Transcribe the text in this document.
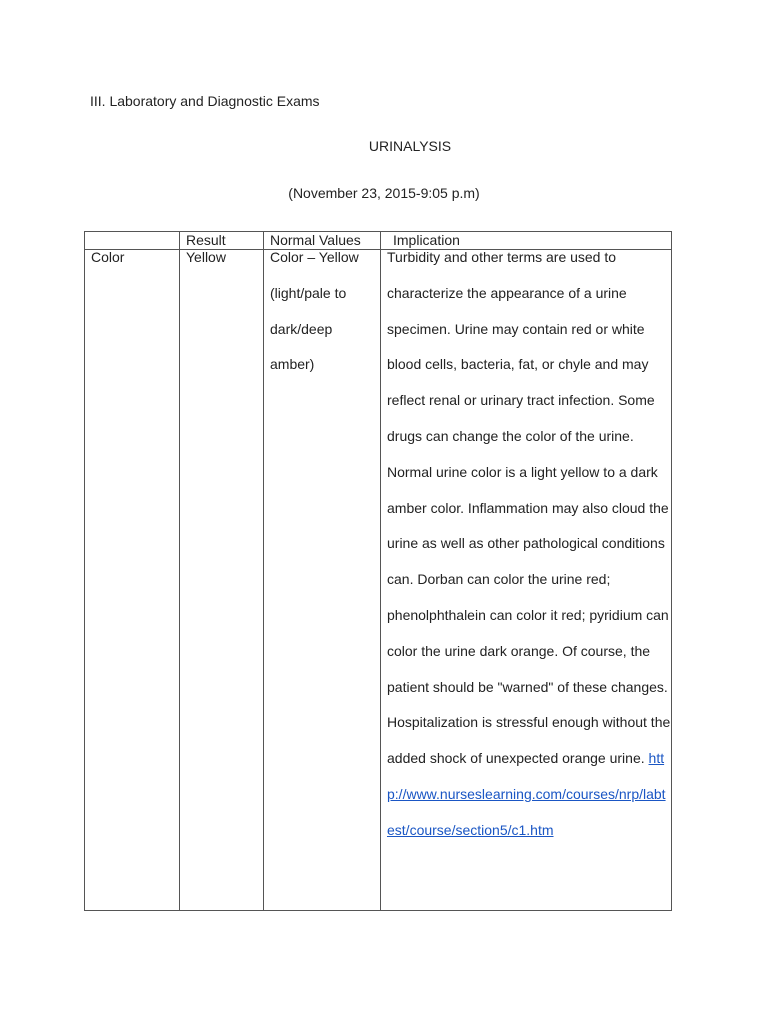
III. Laboratory and Diagnostic Exams
URINALYSIS

(November 23, 2015-9:05 p.m)

	Result	Normal Values	Implication

Color	Yellow	Color – Yellow (light/pale to dark/deep amber)	Turbidity and other terms are used to characterize the appearance of a urine specimen. Urine may contain red or white blood cells, bacteria, fat, or chyle and may reflect renal or urinary tract infection. Some drugs can change the color of the urine. Normal urine color is a light yellow to a dark amber color. Inflammation may also cloud the urine as well as other pathological conditions can. Dorban can color the urine red; phenolphthalein can color it red; pyridium can color the urine dark orange. Of course, the patient should be "warned" of these changes. Hospitalization is stressful enough without the added shock of unexpected orange urine. http://www.nurseslearning.com/courses/nrp/labtest/course/section5/c1.htm
